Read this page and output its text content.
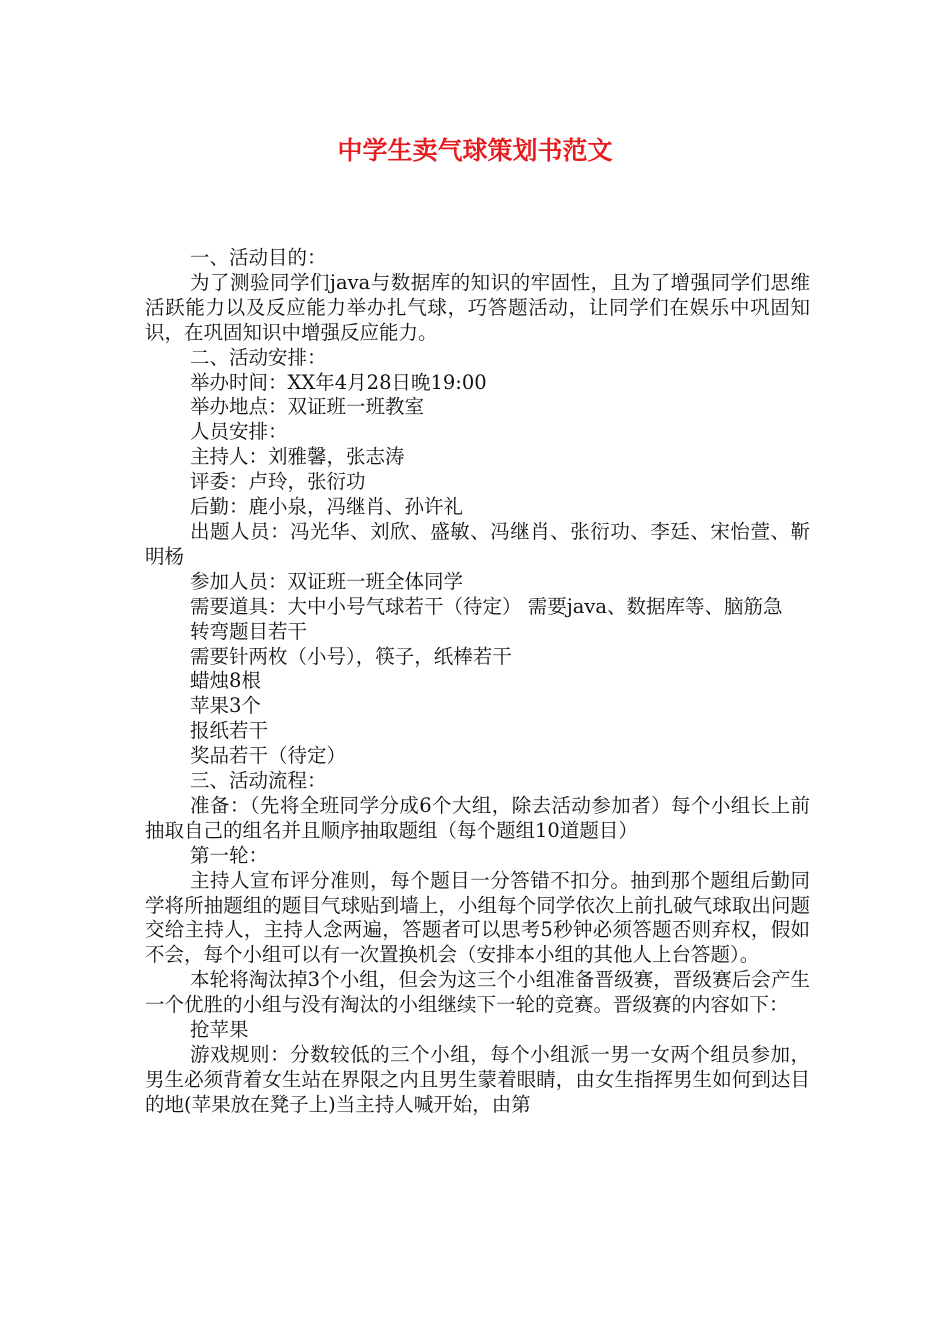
中学生卖气球策划书范文

一、活动目的：

为了测验同学们java与数据库的知识的牢固性，且为了增强同学们思维活跃能力以及反应能力举办扎气球，巧答题活动，让同学们在娱乐中巩固知识，在巩固知识中增强反应能力。

二、活动安排：

举办时间：XX年4月28日晚19:00

举办地点：双证班一班教室

人员安排：

主持人：刘雅馨，张志涛

评委：卢玲，张衍功

后勤：鹿小泉，冯继肖、孙许礼

出题人员：冯光华、刘欣、盛敏、冯继肖、张衍功、李廷、宋怡萱、靳明杨

参加人员：双证班一班全体同学

需要道具：大中小号气球若干（待定） 需要java、数据库等、脑筋急

转弯题目若干

需要针两枚（小号），筷子，纸棒若干

蜡烛8根

苹果3个

报纸若干

奖品若干（待定）

三、活动流程：

准备：（先将全班同学分成6个大组，除去活动参加者）每个小组长上前抽取自己的组名并且顺序抽取题组（每个题组10道题目）

第一轮：

主持人宣布评分准则，每个题目一分答错不扣分。抽到那个题组后勤同学将所抽题组的题目气球贴到墙上，小组每个同学依次上前扎破气球取出问题交给主持人，主持人念两遍，答题者可以思考5秒钟必须答题否则弃权，假如不会，每个小组可以有一次置换机会（安排本小组的其他人上台答题）。

本轮将淘汰掉3个小组，但会为这三个小组准备晋级赛，晋级赛后会产生一个优胜的小组与没有淘汰的小组继续下一轮的竞赛。晋级赛的内容如下：

抢苹果

游戏规则：分数较低的三个小组，每个小组派一男一女两个组员参加，男生必须背着女生站在界限之内且男生蒙着眼睛，由女生指挥男生如何到达目的地(苹果放在凳子上)当主持人喊开始，由第
